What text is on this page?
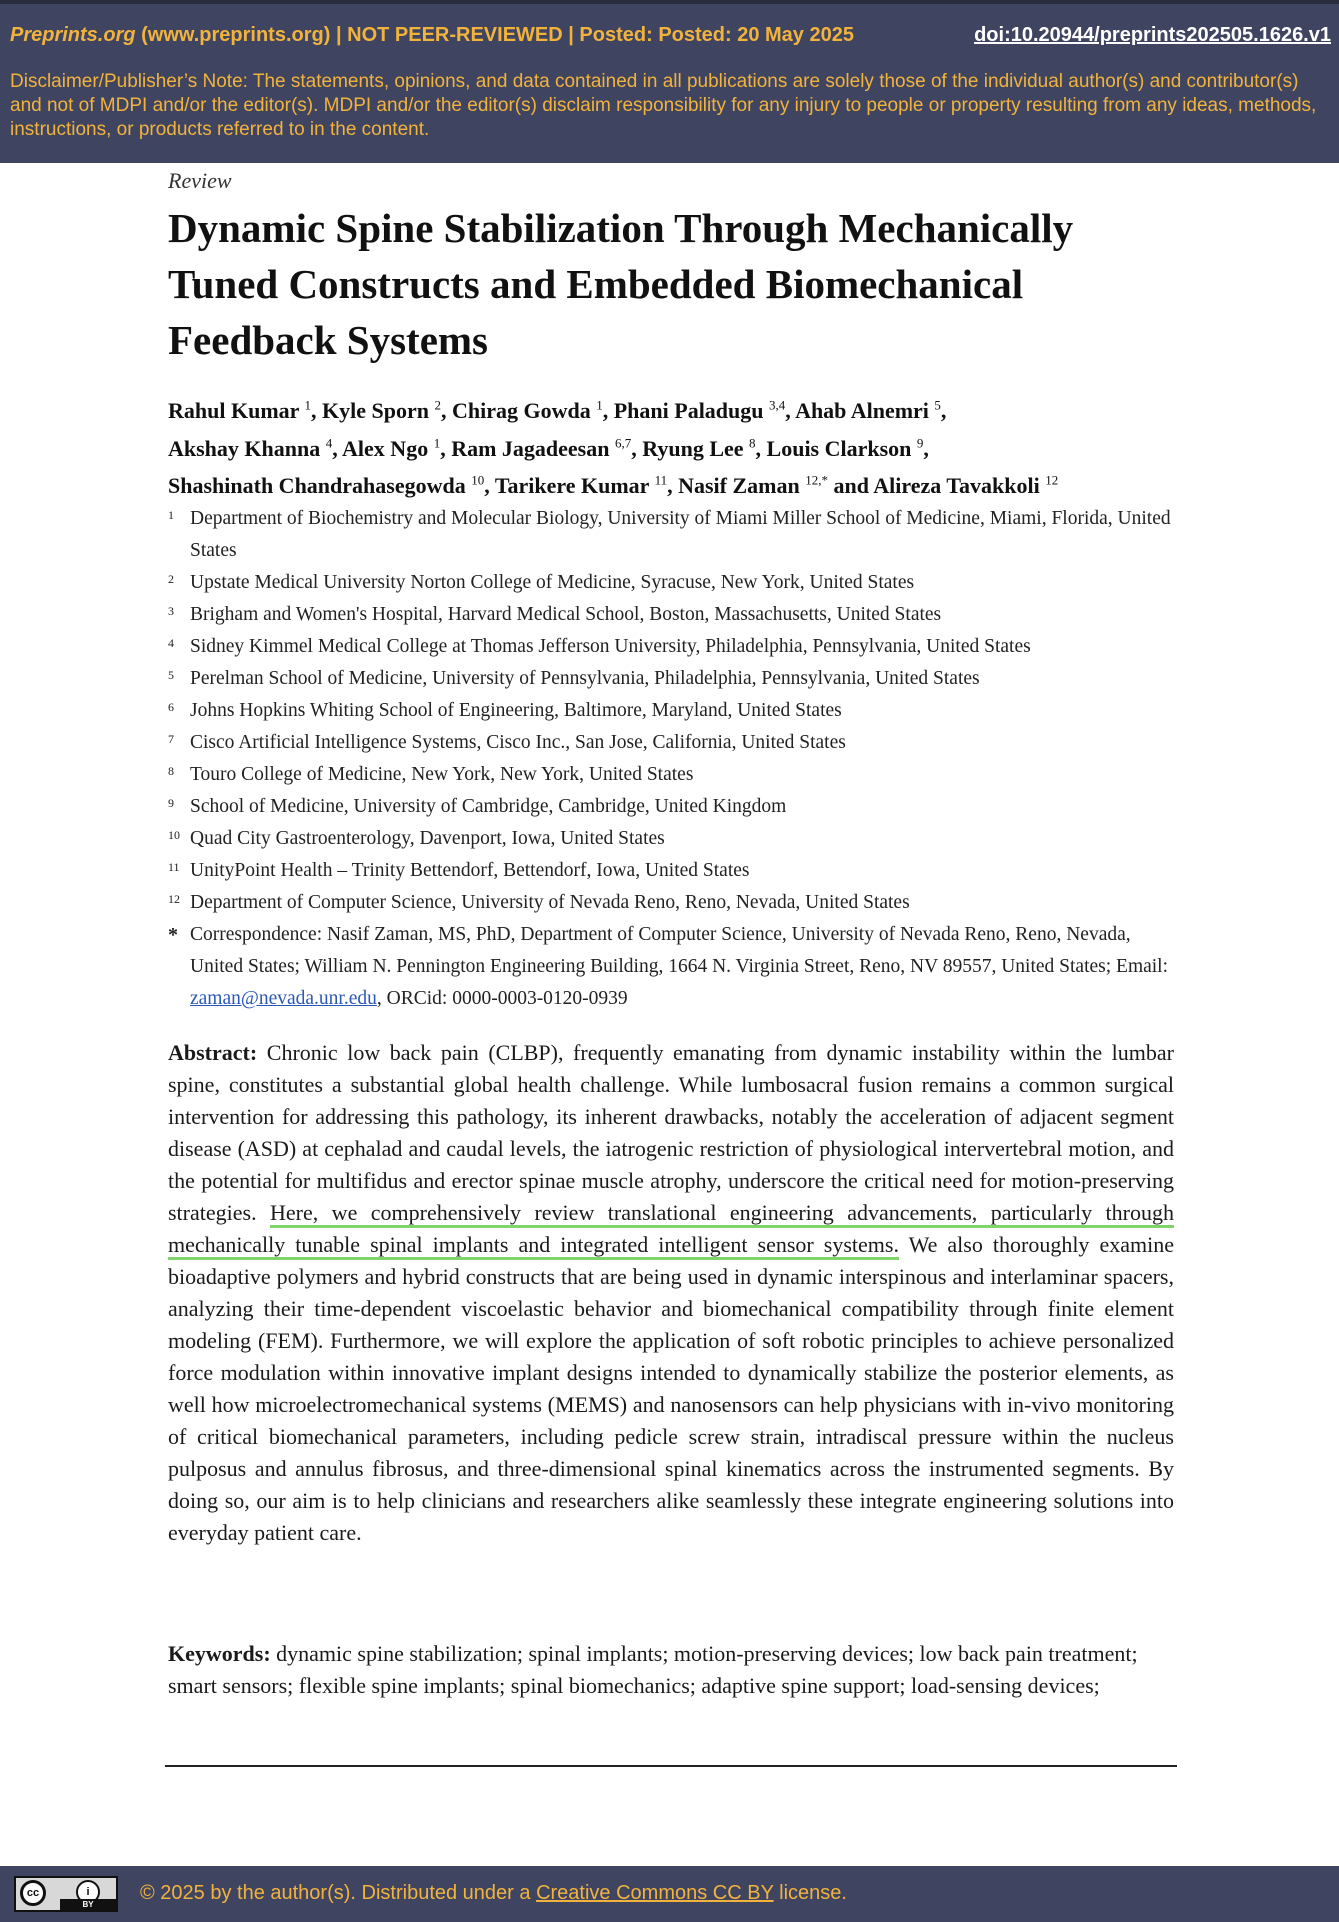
Preprints.org (www.preprints.org) | NOT PEER-REVIEWED | Posted: Posted: 20 May 2025	doi:10.20944/preprints202505.1626.v1
Disclaimer/Publisher’s Note: The statements, opinions, and data contained in all publications are solely those of the individual author(s) and contributor(s) and not of MDPI and/or the editor(s). MDPI and/or the editor(s) disclaim responsibility for any injury to people or property resulting from any ideas, methods, instructions, or products referred to in the content.
Review
Dynamic Spine Stabilization Through Mechanically Tuned Constructs and Embedded Biomechanical Feedback Systems
Rahul Kumar $^1$, Kyle Sporn $^2$, Chirag Gowda $^1$, Phani Paladugu $^{3,4}$, Ahab Alnemri $^5$,
Akshay Khanna $^4$, Alex Ngo $^1$, Ram Jagadeesan $^{6,7}$, Ryung Lee $^8$, Louis Clarkson $^9$,
Shashinath Chandrahasegowda $^{10}$, Tarikere Kumar $^{11}$, Nasif Zaman $^{12,*}$ and Alireza Tavakkoli $^{12}$
1 Department of Biochemistry and Molecular Biology, University of Miami Miller School of Medicine, Miami, Florida, United States
2 Upstate Medical University Norton College of Medicine, Syracuse, New York, United States
3 Brigham and Women's Hospital, Harvard Medical School, Boston, Massachusetts, United States
4 Sidney Kimmel Medical College at Thomas Jefferson University, Philadelphia, Pennsylvania, United States
5 Perelman School of Medicine, University of Pennsylvania, Philadelphia, Pennsylvania, United States
6 Johns Hopkins Whiting School of Engineering, Baltimore, Maryland, United States
7 Cisco Artificial Intelligence Systems, Cisco Inc., San Jose, California, United States
8 Touro College of Medicine, New York, New York, United States
9 School of Medicine, University of Cambridge, Cambridge, United Kingdom
10 Quad City Gastroenterology, Davenport, Iowa, United States
11 UnityPoint Health – Trinity Bettendorf, Bettendorf, Iowa, United States
12 Department of Computer Science, University of Nevada Reno, Reno, Nevada, United States
* Correspondence: Nasif Zaman, MS, PhD, Department of Computer Science, University of Nevada Reno, Reno, Nevada, United States; William N. Pennington Engineering Building, 1664 N. Virginia Street, Reno, NV 89557, United States; Email: zaman@nevada.unr.edu, ORCid: 0000-0003-0120-0939
Abstract: Chronic low back pain (CLBP), frequently emanating from dynamic instability within the lumbar spine, constitutes a substantial global health challenge. While lumbosacral fusion remains a common surgical intervention for addressing this pathology, its inherent drawbacks, notably the acceleration of adjacent segment disease (ASD) at cephalad and caudal levels, the iatrogenic restriction of physiological intervertebral motion, and the potential for multifidus and erector spinae muscle atrophy, underscore the critical need for motion-preserving strategies. Here, we comprehensively review translational engineering advancements, particularly through mechanically tunable spinal implants and integrated intelligent sensor systems. We also thoroughly examine bioadaptive polymers and hybrid constructs that are being used in dynamic interspinous and interlaminar spacers, analyzing their time-dependent viscoelastic behavior and biomechanical compatibility through finite element modeling (FEM). Furthermore, we will explore the application of soft robotic principles to achieve personalized force modulation within innovative implant designs intended to dynamically stabilize the posterior elements, as well how microelectromechanical systems (MEMS) and nanosensors can help physicians with in-vivo monitoring of critical biomechanical parameters, including pedicle screw strain, intradiscal pressure within the nucleus pulposus and annulus fibrosus, and three-dimensional spinal kinematics across the instrumented segments. By doing so, our aim is to help clinicians and researchers alike seamlessly these integrate engineering solutions into everyday patient care.
Keywords: dynamic spine stabilization; spinal implants; motion-preserving devices; low back pain treatment; smart sensors; flexible spine implants; spinal biomechanics; adaptive spine support; load-sensing devices;
cc	i
BY
© 2025 by the author(s). Distributed under a Creative Commons CC BY license.
